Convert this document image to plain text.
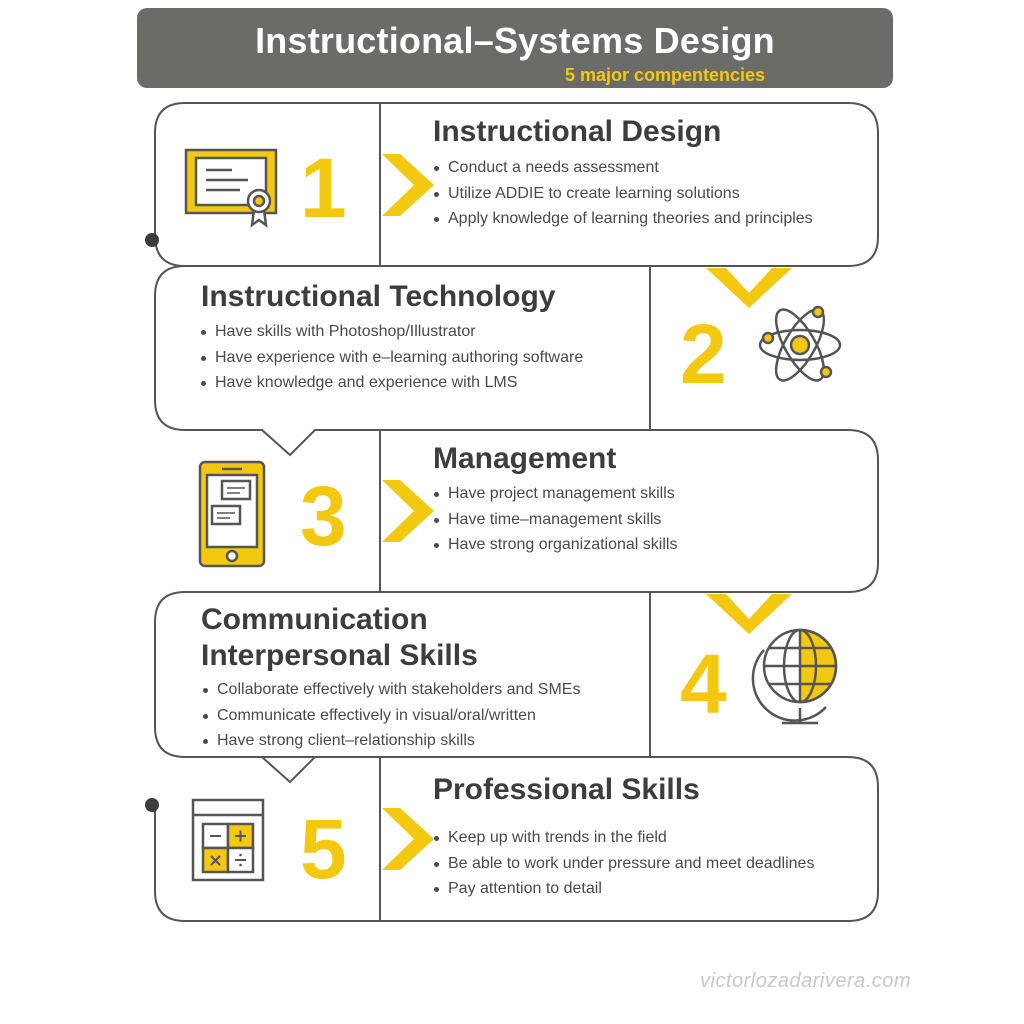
Instructional–Systems Design
5 major compentencies
1
2
3
4
5
Instructional Design
Conduct a needs assessment
Utilize ADDIE to create learning solutions
Apply knowledge of learning theories and principles
Instructional Technology
Have skills with Photoshop/Illustrator
Have experience with e–learning authoring software
Have knowledge and experience with LMS
Management
Have project management skills
Have time–management skills
Have strong organizational skills
Communication
Interpersonal Skills
Collaborate effectively with stakeholders and SMEs
Communicate effectively in visual/oral/written
Have strong client–relationship skills
Professional Skills
Keep up with trends in the field
Be able to work under pressure and meet deadlines
Pay attention to detail
victorlozadarivera.com
